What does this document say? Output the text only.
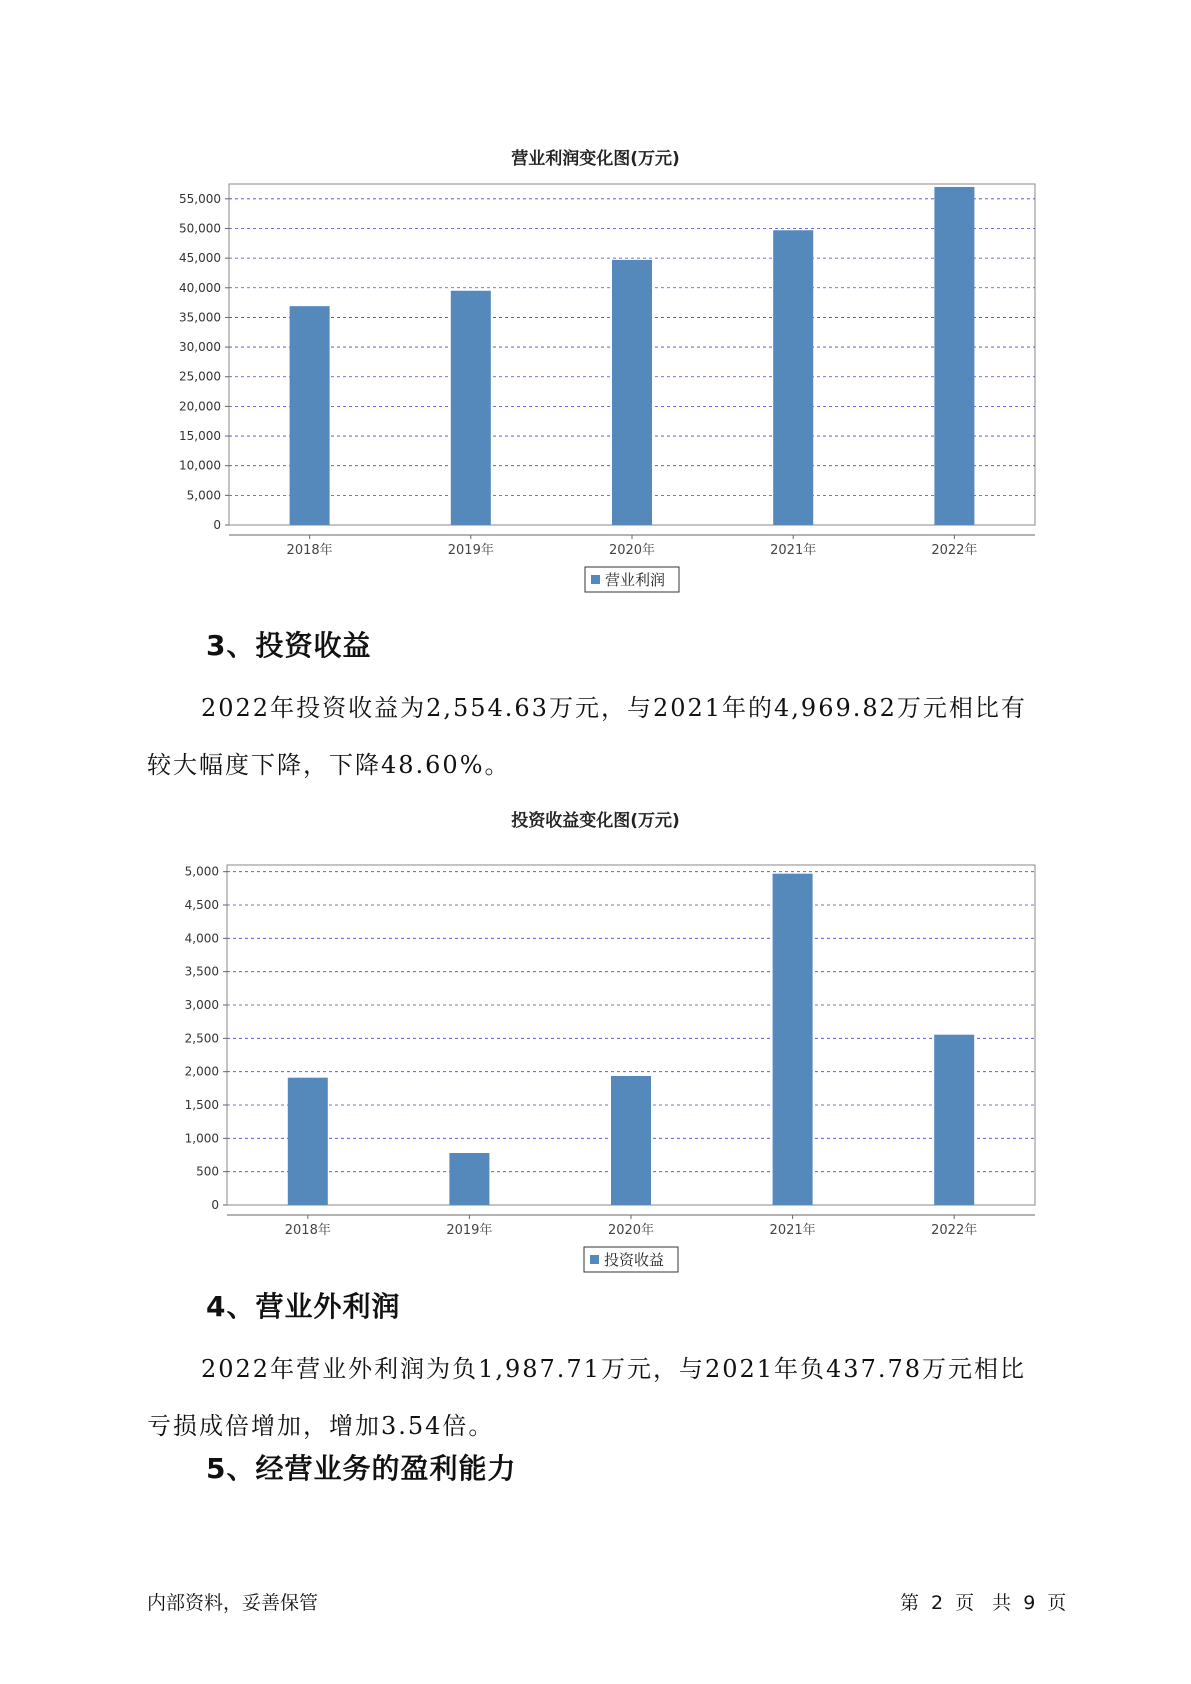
营业利润变化图(万元)
0
5,000
10,000
15,000
20,000
25,000
30,000
35,000
40,000
45,000
50,000
55,000
2018年	2019年	2020年	2021年	2022年
营业利润
3、投资收益

2022年投资收益为2,554.63万元，与2021年的4,969.82万元相比有较大幅度下降，下降48.60%。

投资收益变化图(万元)
0
500
1,000
1,500
2,000
2,500
3,000
3,500
4,000
4,500
5,000
2018年	2019年	2020年	2021年	2022年
投资收益
4、营业外利润

2022年营业外利润为负1,987.71万元，与2021年负437.78万元相比亏损成倍增加，增加3.54倍。

5、经营业务的盈利能力
内部资料，妥善保管	第 2 页 共 9 页
